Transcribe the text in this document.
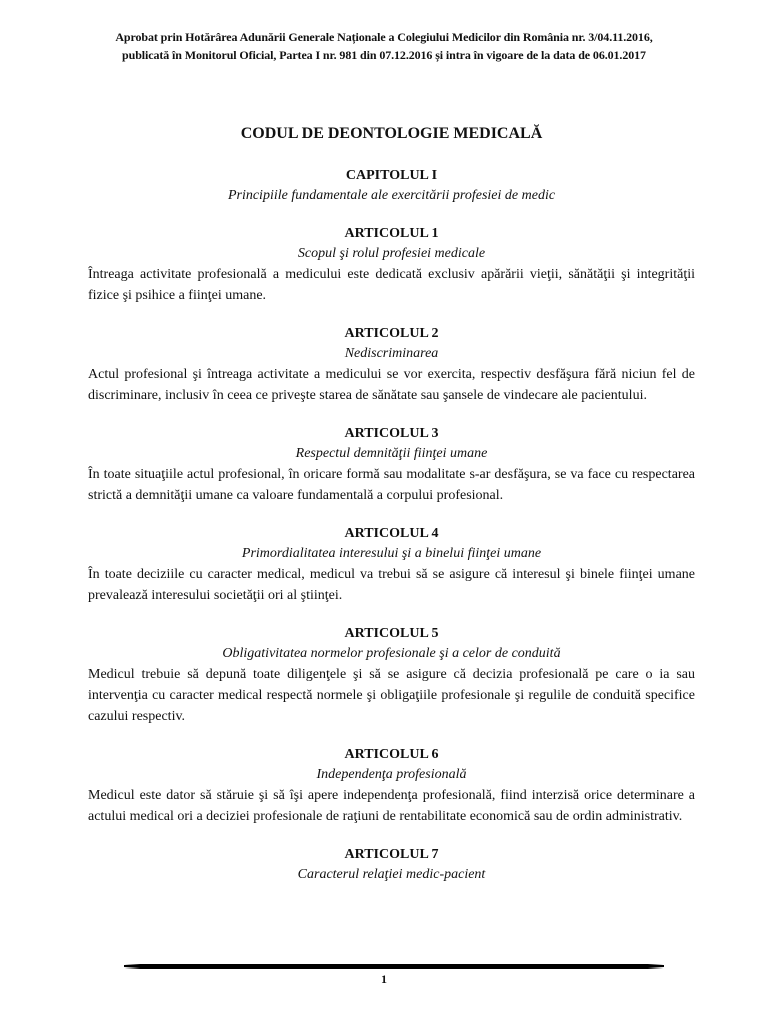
Aprobat prin Hotărârea Adunării Generale Naționale a Colegiului Medicilor din România nr. 3/04.11.2016,
publicată în Monitorul Oficial, Partea I nr. 981 din 07.12.2016 și intra în vigoare de la data de 06.01.2017
CODUL DE DEONTOLOGIE MEDICALĂ
CAPITOLUL I
Principiile fundamentale ale exercitării profesiei de medic
ARTICOLUL 1
Scopul şi rolul profesiei medicale
Întreaga activitate profesională a medicului este dedicată exclusiv apărării vieţii, sănătăţii şi integrităţii fizice şi psihice a fiinţei umane.
ARTICOLUL 2
Nediscriminarea
Actul profesional şi întreaga activitate a medicului se vor exercita, respectiv desfăşura fără niciun fel de discriminare, inclusiv în ceea ce priveşte starea de sănătate sau şansele de vindecare ale pacientului.
ARTICOLUL 3
Respectul demnităţii fiinţei umane
În toate situaţiile actul profesional, în oricare formă sau modalitate s-ar desfăşura, se va face cu respectarea strictă a demnităţii umane ca valoare fundamentală a corpului profesional.
ARTICOLUL 4
Primordialitatea interesului şi a binelui fiinţei umane
În toate deciziile cu caracter medical, medicul va trebui să se asigure că interesul şi binele fiinţei umane prevalează interesului societăţii ori al ştiinţei.
ARTICOLUL 5
Obligativitatea normelor profesionale şi a celor de conduită
Medicul trebuie să depună toate diligenţele şi să se asigure că decizia profesională pe care o ia sau intervenţia cu caracter medical respectă normele şi obligaţiile profesionale şi regulile de conduită specifice cazului respectiv.
ARTICOLUL 6
Independenţa profesională
Medicul este dator să stăruie şi să îşi apere independenţa profesională, fiind interzisă orice determinare a actului medical ori a deciziei profesionale de raţiuni de rentabilitate economică sau de ordin administrativ.
ARTICOLUL 7
Caracterul relaţiei medic-pacient
1
